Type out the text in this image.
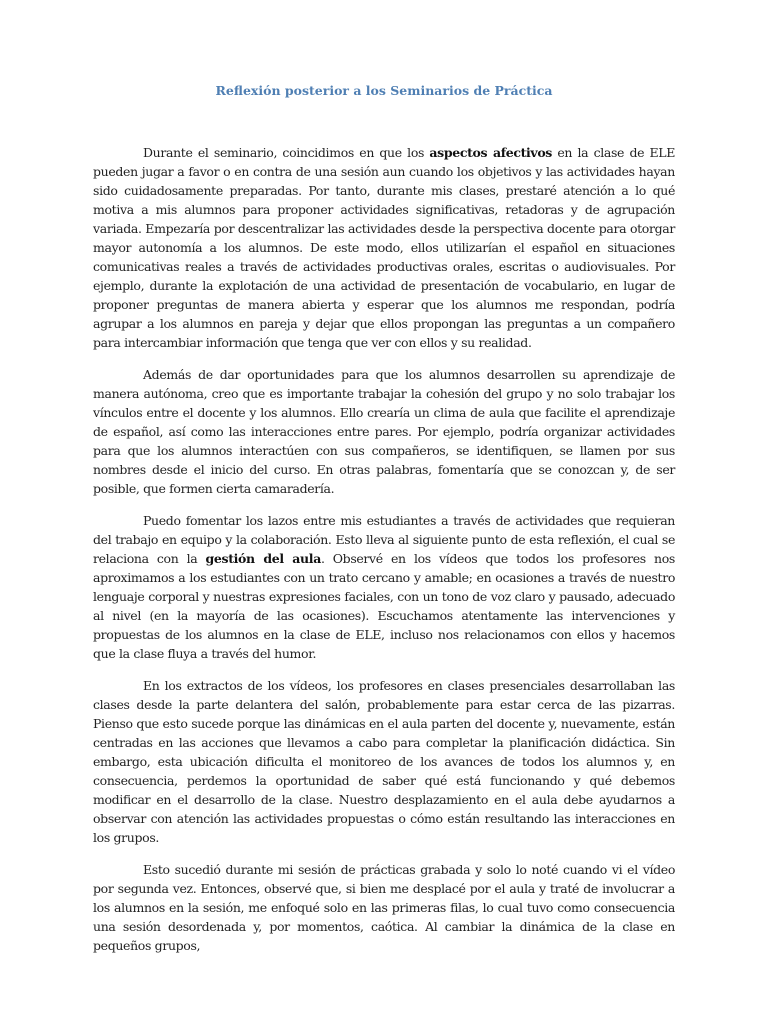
Reflexión posterior a los Seminarios de Práctica

Durante el seminario, coincidimos en que los aspectos afectivos en la clase de ELE pueden jugar a favor o en contra de una sesión aun cuando los objetivos y las actividades hayan sido cuidadosamente preparadas. Por tanto, durante mis clases, prestaré atención a lo qué motiva a mis alumnos para proponer actividades significativas, retadoras y de agrupación variada. Empezaría por descentralizar las actividades desde la perspectiva docente para otorgar mayor autonomía a los alumnos. De este modo, ellos utilizarían el español en situaciones comunicativas reales a través de actividades productivas orales, escritas o audiovisuales. Por ejemplo, durante la explotación de una actividad de presentación de vocabulario, en lugar de proponer preguntas de manera abierta y esperar que los alumnos me respondan, podría agrupar a los alumnos en pareja y dejar que ellos propongan las preguntas a un compañero para intercambiar información que tenga que ver con ellos y su realidad.

Además de dar oportunidades para que los alumnos desarrollen su aprendizaje de manera autónoma, creo que es importante trabajar la cohesión del grupo y no solo trabajar los vínculos entre el docente y los alumnos. Ello crearía un clima de aula que facilite el aprendizaje de español, así como las interacciones entre pares. Por ejemplo, podría organizar actividades para que los alumnos interactúen con sus compañeros, se identifiquen, se llamen por sus nombres desde el inicio del curso. En otras palabras, fomentaría que se conozcan y, de ser posible, que formen cierta camaradería.

Puedo fomentar los lazos entre mis estudiantes a través de actividades que requieran del trabajo en equipo y la colaboración. Esto lleva al siguiente punto de esta reflexión, el cual se relaciona con la gestión del aula. Observé en los vídeos que todos los profesores nos aproximamos a los estudiantes con un trato cercano y amable; en ocasiones a través de nuestro lenguaje corporal y nuestras expresiones faciales, con un tono de voz claro y pausado, adecuado al nivel (en la mayoría de las ocasiones). Escuchamos atentamente las intervenciones y propuestas de los alumnos en la clase de ELE, incluso nos relacionamos con ellos y hacemos que la clase fluya a través del humor.

En los extractos de los vídeos, los profesores en clases presenciales desarrollaban las clases desde la parte delantera del salón, probablemente para estar cerca de las pizarras. Pienso que esto sucede porque las dinámicas en el aula parten del docente y, nuevamente, están centradas en las acciones que llevamos a cabo para completar la planificación didáctica. Sin embargo, esta ubicación dificulta el monitoreo de los avances de todos los alumnos y, en consecuencia, perdemos la oportunidad de saber qué está funcionando y qué debemos modificar en el desarrollo de la clase. Nuestro desplazamiento en el aula debe ayudarnos a observar con atención las actividades propuestas o cómo están resultando las interacciones en los grupos.

Esto sucedió durante mi sesión de prácticas grabada y solo lo noté cuando vi el vídeo por segunda vez. Entonces, observé que, si bien me desplacé por el aula y traté de involucrar a los alumnos en la sesión, me enfoqué solo en las primeras filas, lo cual tuvo como consecuencia una sesión desordenada y, por momentos, caótica. Al cambiar la dinámica de la clase en pequeños grupos,
